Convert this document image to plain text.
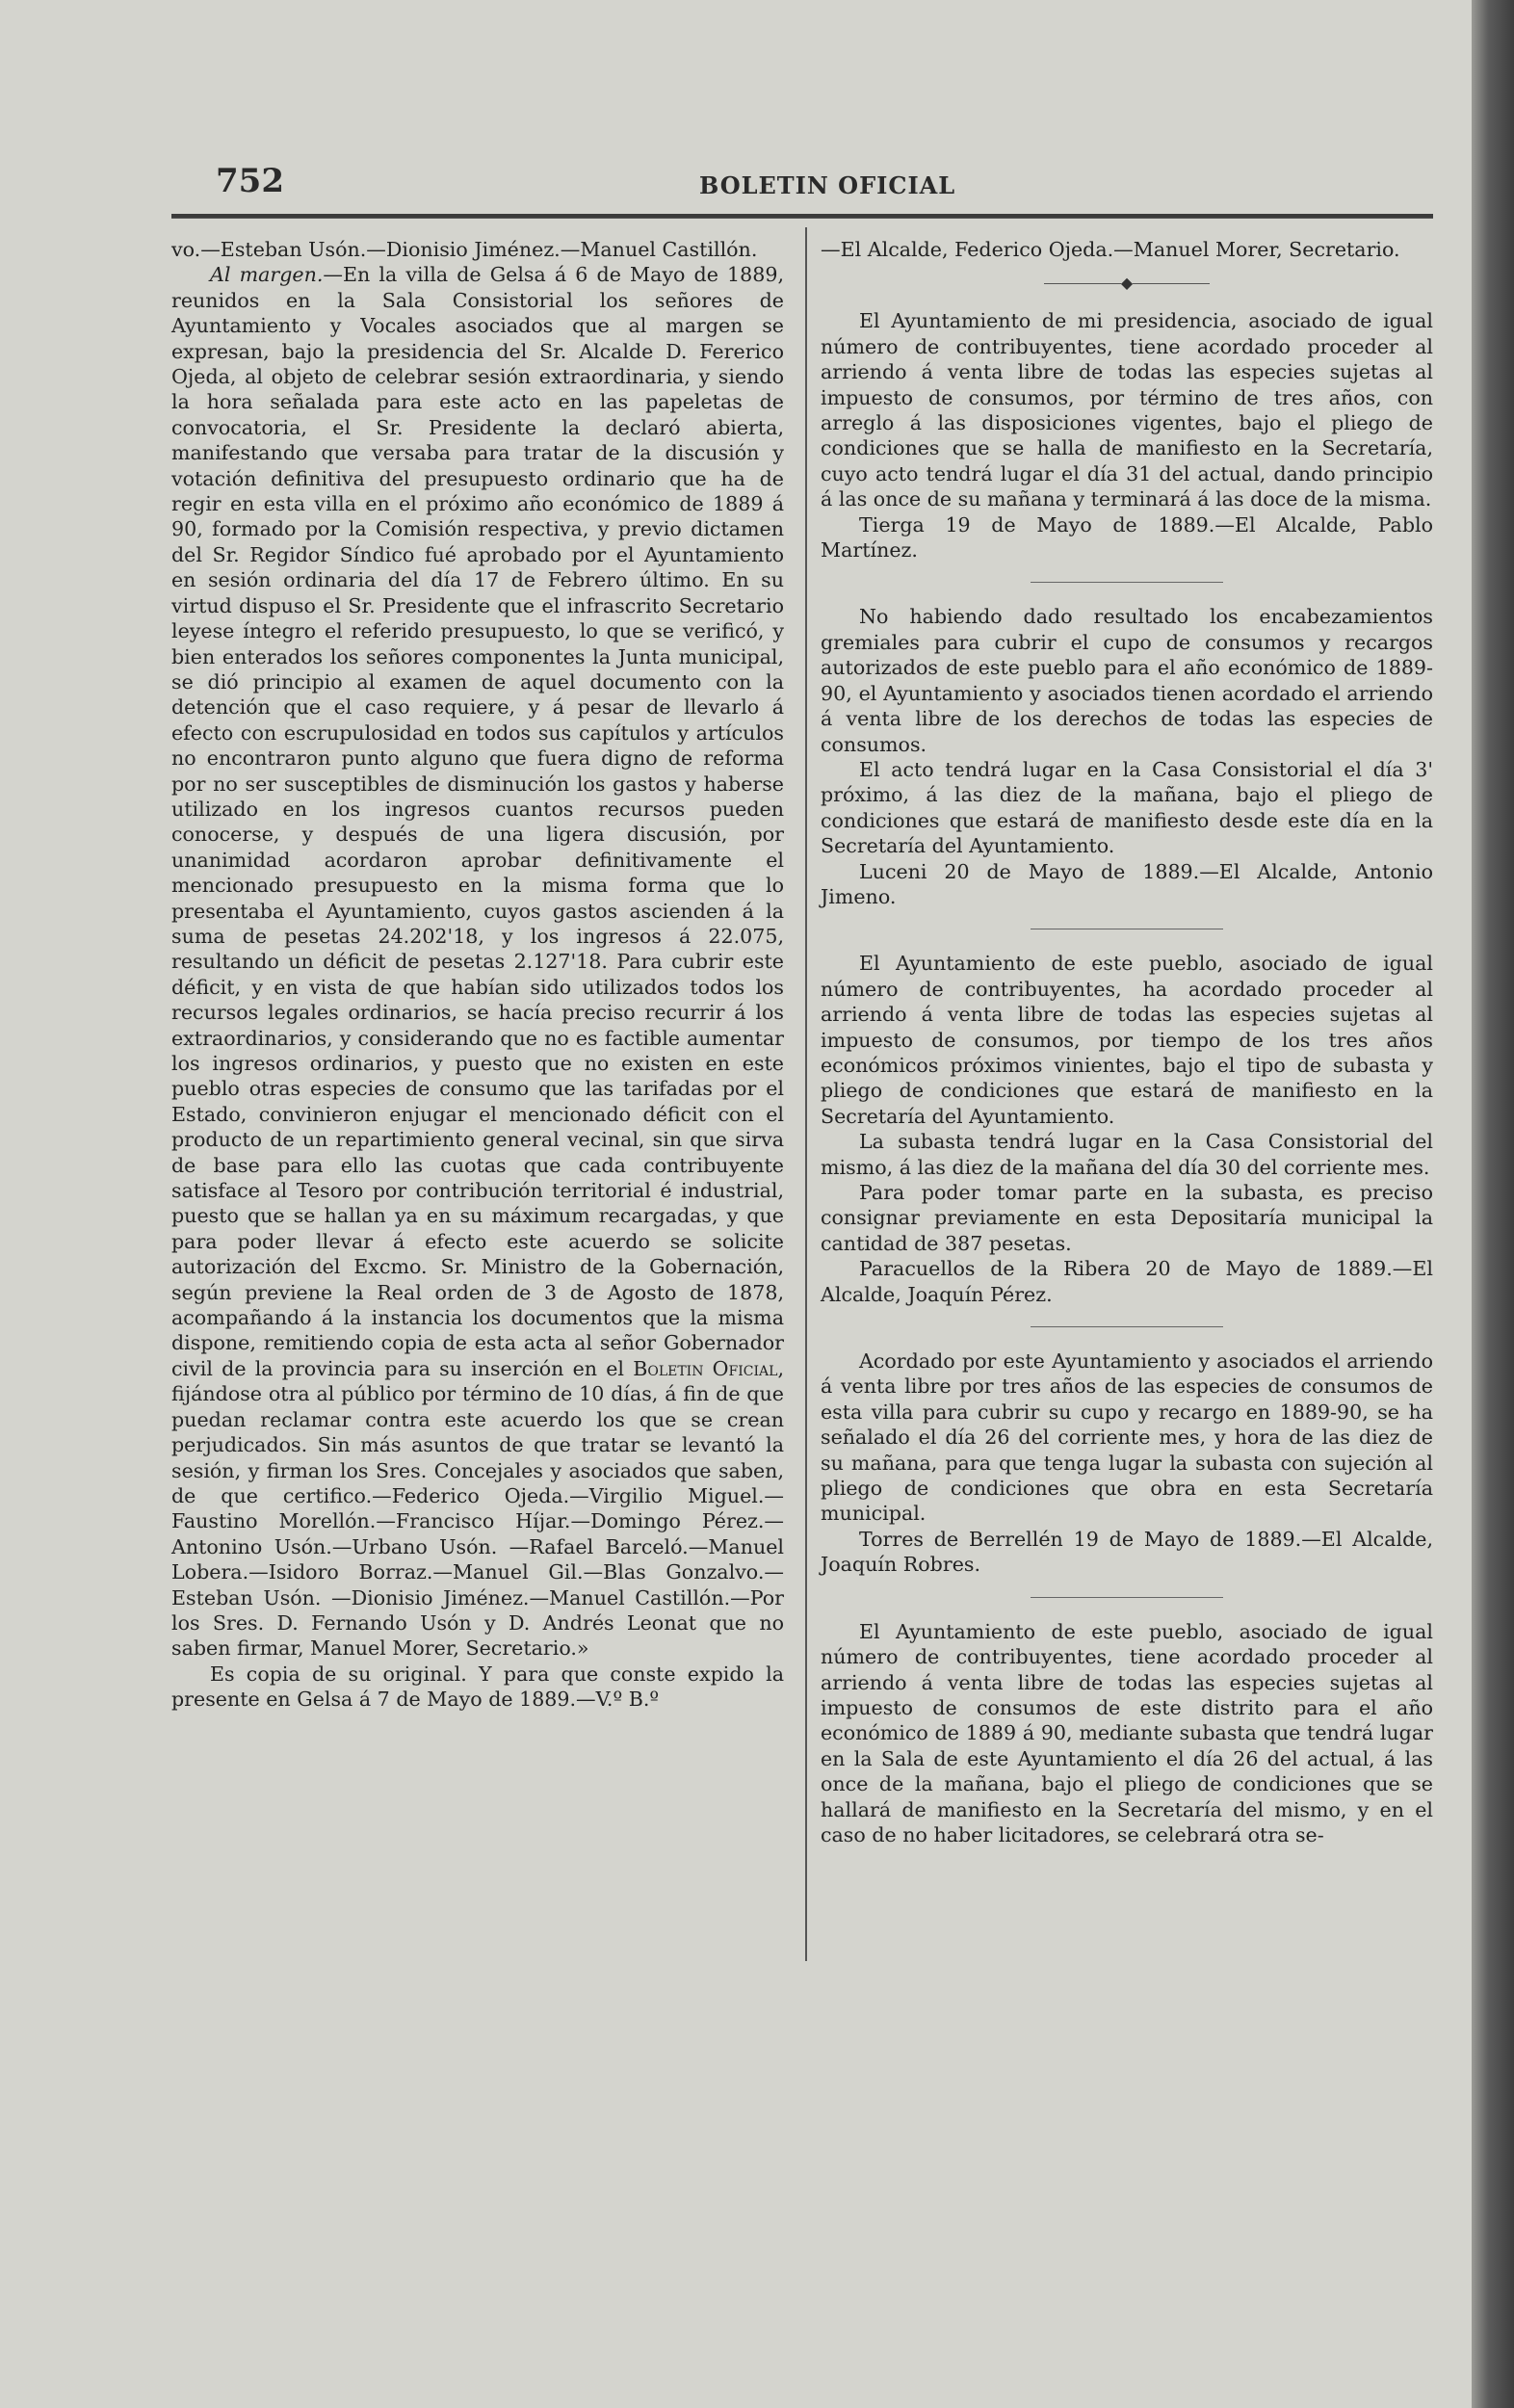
752	BOLETIN OFICIAL

vo.—Esteban Usón.—Dionisio Jiménez.—Manuel Castillón.

Al margen.—En la villa de Gelsa á 6 de Mayo de 1889, reunidos en la Sala Consistorial los señores de Ayuntamiento y Vocales asociados que al margen se expresan, bajo la presidencia del Sr. Alcalde D. Fererico Ojeda, al objeto de celebrar sesión extraordinaria, y siendo la hora señalada para este acto en las papeletas de convocatoria, el Sr. Presidente la declaró abierta, manifestando que versaba para tratar de la discusión y votación definitiva del presupuesto ordinario que ha de regir en esta villa en el próximo año económico de 1889 á 90, formado por la Comisión respectiva, y previo dictamen del Sr. Regidor Síndico fué aprobado por el Ayuntamiento en sesión ordinaria del día 17 de Febrero último. En su virtud dispuso el Sr. Presidente que el infrascrito Secretario leyese íntegro el referido presupuesto, lo que se verificó, y bien enterados los señores componentes la Junta municipal, se dió principio al examen de aquel documento con la detención que el caso requiere, y á pesar de llevarlo á efecto con escrupulosidad en todos sus capítulos y artículos no encontraron punto alguno que fuera digno de reforma por no ser susceptibles de disminución los gastos y haberse utilizado en los ingresos cuantos recursos pueden conocerse, y después de una ligera discusión, por unanimidad acordaron aprobar definitivamente el mencionado presupuesto en la misma forma que lo presentaba el Ayuntamiento, cuyos gastos ascienden á la suma de pesetas 24.202'18, y los ingresos á 22.075, resultando un déficit de pesetas 2.127'18. Para cubrir este déficit, y en vista de que habían sido utilizados todos los recursos legales ordinarios, se hacía preciso recurrir á los extraordinarios, y considerando que no es factible aumentar los ingresos ordinarios, y puesto que no existen en este pueblo otras especies de consumo que las tarifadas por el Estado, convinieron enjugar el mencionado déficit con el producto de un repartimiento general vecinal, sin que sirva de base para ello las cuotas que cada contribuyente satisface al Tesoro por contribución territorial é industrial, puesto que se hallan ya en su máximum recargadas, y que para poder llevar á efecto este acuerdo se solicite autorización del Excmo. Sr. Ministro de la Gobernación, según previene la Real orden de 3 de Agosto de 1878, acompañando á la instancia los documentos que la misma dispone, remitiendo copia de esta acta al señor Gobernador civil de la provincia para su inserción en el Boletin Oficial, fijándose otra al público por término de 10 días, á fin de que puedan reclamar contra este acuerdo los que se crean perjudicados. Sin más asuntos de que tratar se levantó la sesión, y firman los Sres. Concejales y asociados que saben, de que certifico.—Federico Ojeda.—Virgilio Miguel.—Faustino Morellón.—Francisco Híjar.—Domingo Pérez.—Antonino Usón.—Urbano Usón. —Rafael Barceló.—Manuel Lobera.—Isidoro Borraz.—Manuel Gil.—Blas Gonzalvo.—Esteban Usón. —Dionisio Jiménez.—Manuel Castillón.—Por los Sres. D. Fernando Usón y D. Andrés Leonat que no saben firmar, Manuel Morer, Secretario.»

Es copia de su original. Y para que conste expido la presente en Gelsa á 7 de Mayo de 1889.—V.º B.º

—El Alcalde, Federico Ojeda.—Manuel Morer, Secretario.

◆

El Ayuntamiento de mi presidencia, asociado de igual número de contribuyentes, tiene acordado proceder al arriendo á venta libre de todas las especies sujetas al impuesto de consumos, por término de tres años, con arreglo á las disposiciones vigentes, bajo el pliego de condiciones que se halla de manifiesto en la Secretaría, cuyo acto tendrá lugar el día 31 del actual, dando principio á las once de su mañana y terminará á las doce de la misma.

Tierga 19 de Mayo de 1889.—El Alcalde, Pablo Martínez.

No habiendo dado resultado los encabezamientos gremiales para cubrir el cupo de consumos y recargos autorizados de este pueblo para el año económico de 1889-90, el Ayuntamiento y asociados tienen acordado el arriendo á venta libre de los derechos de todas las especies de consumos.

El acto tendrá lugar en la Casa Consistorial el día 3' próximo, á las diez de la mañana, bajo el pliego de condiciones que estará de manifiesto desde este día en la Secretaría del Ayuntamiento.

Luceni 20 de Mayo de 1889.—El Alcalde, Antonio Jimeno.

El Ayuntamiento de este pueblo, asociado de igual número de contribuyentes, ha acordado proceder al arriendo á venta libre de todas las especies sujetas al impuesto de consumos, por tiempo de los tres años económicos próximos vinientes, bajo el tipo de subasta y pliego de condiciones que estará de manifiesto en la Secretaría del Ayuntamiento.

La subasta tendrá lugar en la Casa Consistorial del mismo, á las diez de la mañana del día 30 del corriente mes.

Para poder tomar parte en la subasta, es preciso consignar previamente en esta Depositaría municipal la cantidad de 387 pesetas.

Paracuellos de la Ribera 20 de Mayo de 1889.—El Alcalde, Joaquín Pérez.

Acordado por este Ayuntamiento y asociados el arriendo á venta libre por tres años de las especies de consumos de esta villa para cubrir su cupo y recargo en 1889-90, se ha señalado el día 26 del corriente mes, y hora de las diez de su mañana, para que tenga lugar la subasta con sujeción al pliego de condiciones que obra en esta Secretaría municipal.

Torres de Berrellén 19 de Mayo de 1889.—El Alcalde, Joaquín Robres.

El Ayuntamiento de este pueblo, asociado de igual número de contribuyentes, tiene acordado proceder al arriendo á venta libre de todas las especies sujetas al impuesto de consumos de este distrito para el año económico de 1889 á 90, mediante subasta que tendrá lugar en la Sala de este Ayuntamiento el día 26 del actual, á las once de la mañana, bajo el pliego de condiciones que se hallará de manifiesto en la Secretaría del mismo, y en el caso de no haber licitadores, se celebrará otra se-
